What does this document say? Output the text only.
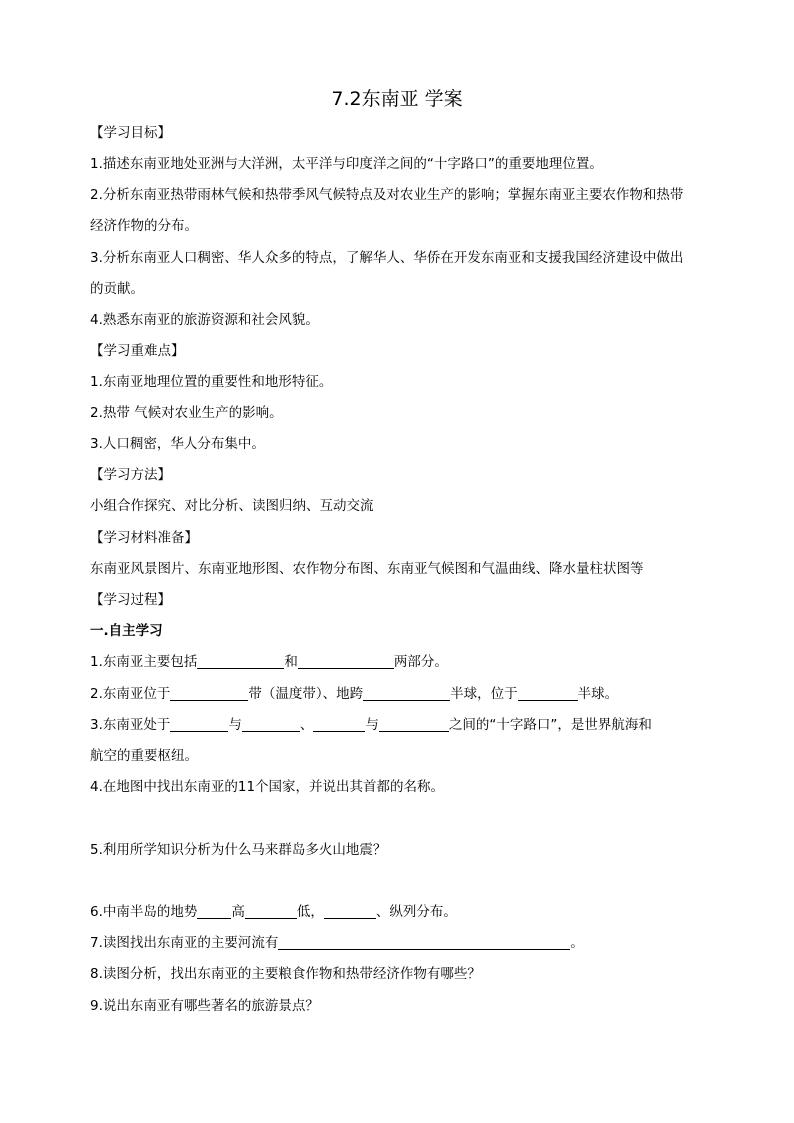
7.2东南亚 学案
【学习目标】
1.描述东南亚地处亚洲与大洋洲，太平洋与印度洋之间的“十字路口”的重要地理位置。
2.分析东南亚热带雨林气候和热带季风气候特点及对农业生产的影响；掌握东南亚主要农作物和热带
经济作物的分布。
3.分析东南亚人口稠密、华人众多的特点，了解华人、华侨在开发东南亚和支援我国经济建设中做出
的贡献。
4.熟悉东南亚的旅游资源和社会风貌。
【学习重难点】
1.东南亚地理位置的重要性和地形特征。
2.热带 气候对农业生产的影响。
3.人口稠密，华人分布集中。
【学习方法】
小组合作探究、对比分析、读图归纳、互动交流
【学习材料准备】
东南亚风景图片、东南亚地形图、农作物分布图、东南亚气候图和气温曲线、降水量柱状图等
【学习过程】
一.自主学习
1.东南亚主要包括	和	两部分。
2.东南亚位于	带（温度带）、地跨	半球，位于	半球。
3.东南亚处于	与	、	与	之间的“十字路口”，是世界航海和
航空的重要枢纽。
4.在地图中找出东南亚的11个国家，并说出其首都的名称。
5.利用所学知识分析为什么马来群岛多火山地震？
6.中南半岛的地势	高	低，	、纵列分布。
7.读图找出东南亚的主要河流有	。
8.读图分析，找出东南亚的主要粮食作物和热带经济作物有哪些？
9.说出东南亚有哪些著名的旅游景点？
